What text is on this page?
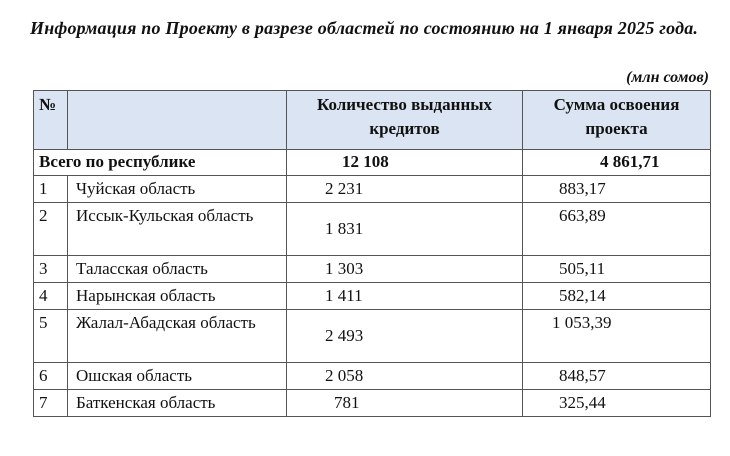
Информация по Проекту в разрезе областей по состоянию на 1 января 2025 года.
(млн сомов)
№		Количество выданных кредитов	Сумма освоения проекта
Всего по республике		12 108	4 861,71
1	Чуйская область	2 231	883,17
2	Иссык-Кульская область	1 831	663,89
3	Таласская область	1 303	505,11
4	Нарынская область	1 411	582,14
5	Жалал-Абадская область	2 493	1 053,39
6	Ошская область	2 058	848,57
7	Баткенская область	781	325,44
